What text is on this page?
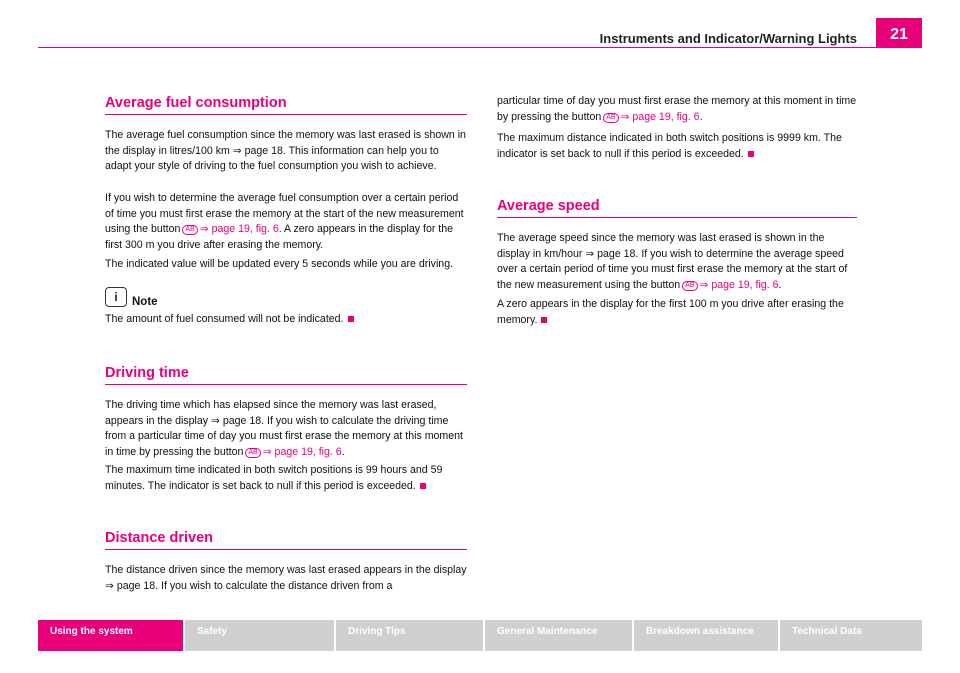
21
Instruments and Indicator/Warning Lights
Average fuel consumption

The average fuel consumption since the memory was last erased is shown in the display in litres/100 km ⇒ page 18. This information can help you to adapt your style of driving to the fuel consumption you wish to achieve.

If you wish to determine the average fuel consumption over a certain period of time you must first erase the memory at the start of the new measurement using the button AB ⇒ page 19, fig. 6. A zero appears in the display for the first 300 m you drive after erasing the memory.

The indicated value will be updated every 5 seconds while you are driving.

i Note

The amount of fuel consumed will not be indicated.

Driving time

The driving time which has elapsed since the memory was last erased, appears in the display ⇒ page 18. If you wish to calculate the driving time from a particular time of day you must first erase the memory at this moment in time by pressing the button AB ⇒ page 19, fig. 6.

The maximum time indicated in both switch positions is 99 hours and 59 minutes. The indicator is set back to null if this period is exceeded.

Distance driven

The distance driven since the memory was last erased appears in the display ⇒ page 18. If you wish to calculate the distance driven from a

particular time of day you must first erase the memory at this moment in time by pressing the button AB ⇒ page 19, fig. 6.

The maximum distance indicated in both switch positions is 9999 km. The indicator is set back to null if this period is exceeded.

Average speed

The average speed since the memory was last erased is shown in the display in km/hour ⇒ page 18. If you wish to determine the average speed over a certain period of time you must first erase the memory at the start of the new measurement using the button AB ⇒ page 19, fig. 6.

A zero appears in the display for the first 100 m you drive after erasing the memory.

Using the system	Safety	Driving Tips	General Maintenance	Breakdown assistance	Technical Data
